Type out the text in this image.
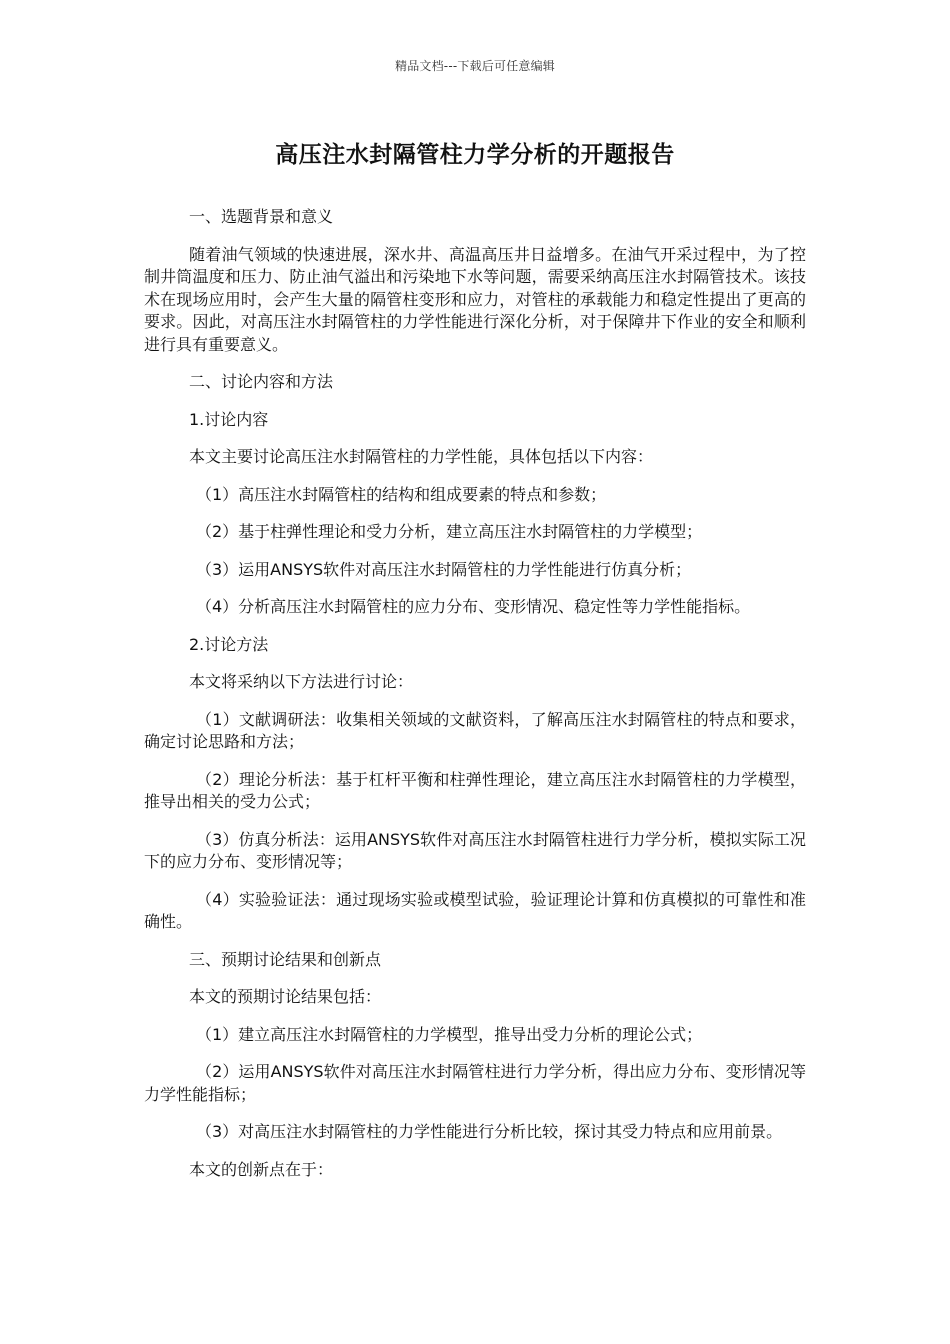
精品文档---下载后可任意编辑
高压注水封隔管柱力学分析的开题报告

一、选题背景和意义

随着油气领域的快速进展，深水井、高温高压井日益增多。在油气开采过程中，为了控制井筒温度和压力、防止油气溢出和污染地下水等问题，需要采纳高压注水封隔管技术。该技术在现场应用时，会产生大量的隔管柱变形和应力，对管柱的承载能力和稳定性提出了更高的要求。因此，对高压注水封隔管柱的力学性能进行深化分析，对于保障井下作业的安全和顺利进行具有重要意义。

二、讨论内容和方法

1.讨论内容

本文主要讨论高压注水封隔管柱的力学性能，具体包括以下内容：

（1）高压注水封隔管柱的结构和组成要素的特点和参数；

（2）基于柱弹性理论和受力分析，建立高压注水封隔管柱的力学模型；

（3）运用ANSYS软件对高压注水封隔管柱的力学性能进行仿真分析；

（4）分析高压注水封隔管柱的应力分布、变形情况、稳定性等力学性能指标。

2.讨论方法

本文将采纳以下方法进行讨论：

（1）文献调研法：收集相关领域的文献资料，了解高压注水封隔管柱的特点和要求，确定讨论思路和方法；

（2）理论分析法：基于杠杆平衡和柱弹性理论，建立高压注水封隔管柱的力学模型，推导出相关的受力公式；

（3）仿真分析法：运用ANSYS软件对高压注水封隔管柱进行力学分析，模拟实际工况下的应力分布、变形情况等；

（4）实验验证法：通过现场实验或模型试验，验证理论计算和仿真模拟的可靠性和准确性。

三、预期讨论结果和创新点

本文的预期讨论结果包括：

（1）建立高压注水封隔管柱的力学模型，推导出受力分析的理论公式；

（2）运用ANSYS软件对高压注水封隔管柱进行力学分析，得出应力分布、变形情况等力学性能指标；

（3）对高压注水封隔管柱的力学性能进行分析比较，探讨其受力特点和应用前景。

本文的创新点在于：
